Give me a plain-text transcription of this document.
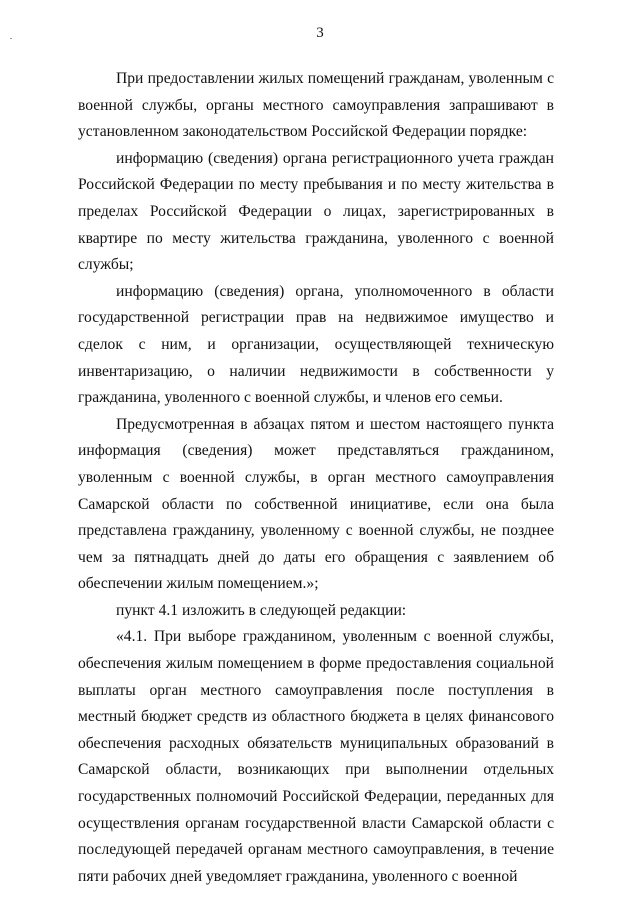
3

При предоставлении жилых помещений гражданам, уволенным с военной службы, органы местного самоуправления запрашивают в установленном законодательством Российской Федерации порядке:

информацию (сведения) органа регистрационного учета граждан Российской Федерации по месту пребывания и по месту жительства в пределах Российской Федерации о лицах, зарегистрированных в квартире по месту жительства гражданина, уволенного с военной службы;

информацию (сведения) органа, уполномоченного в области государственной регистрации прав на недвижимое имущество и сделок с ним, и организации, осуществляющей техническую инвентаризацию, о наличии недвижимости в собственности у гражданина, уволенного с военной службы, и членов его семьи.

Предусмотренная в абзацах пятом и шестом настоящего пункта информация (сведения) может представляться гражданином, уволенным с военной службы, в орган местного самоуправления Самарской области по собственной инициативе, если она была представлена гражданину, уволенному с военной службы, не позднее чем за пятнадцать дней до даты его обращения с заявлением об обеспечении жилым помещением.»;

пункт 4.1 изложить в следующей редакции:

«4.1. При выборе гражданином, уволенным с военной службы, обеспечения жилым помещением в форме предоставления социальной выплаты орган местного самоуправления после поступления в местный бюджет средств из областного бюджета в целях финансового обеспечения расходных обязательств муниципальных образований в Самарской области, возникающих при выполнении отдельных государственных полномочий Российской Федерации, переданных для осуществления органам государственной власти Самарской области с последующей передачей органам местного самоуправления, в течение пяти рабочих дней уведомляет гражданина, уволенного с военной
